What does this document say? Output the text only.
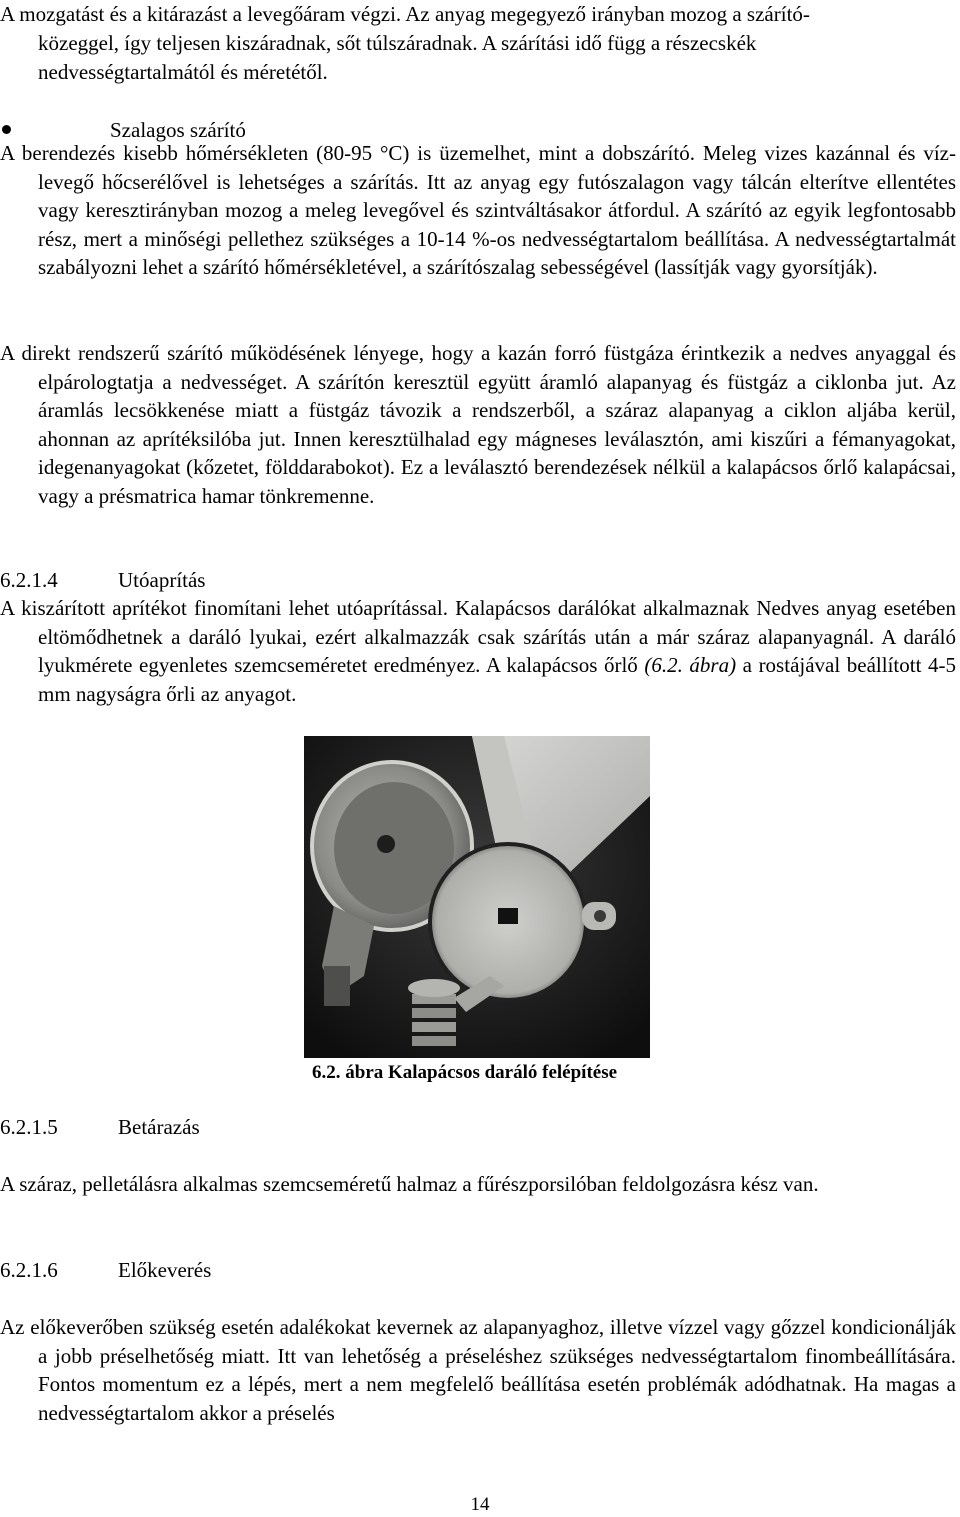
A mozgatást és a kitárazást a levegőáram végzi. Az anyag megegyező irányban mozog a szárító-
közeggel, így teljesen kiszáradnak, sőt túlszáradnak. A szárítási idő függ a részecskék
nedvességtartalmától és méretétől.
Szalagos szárító

A berendezés kisebb hőmérsékleten (80-95 °C) is üzemelhet, mint a dobszárító. Meleg vizes kazánnal és víz-levegő hőcserélővel is lehetséges a szárítás. Itt az anyag egy futószalagon vagy tálcán elterítve ellentétes vagy keresztirányban mozog a meleg levegővel és szintváltásakor átfordul. A szárító az egyik legfontosabb rész, mert a minőségi pellethez szükséges a 10-14 %-os nedvességtartalom beállítása. A nedvességtartalmát szabályozni lehet a szárító hőmérsékletével, a szárítószalag sebességével (lassítják vagy gyorsítják).

A direkt rendszerű szárító működésének lényege, hogy a kazán forró füstgáza érintkezik a nedves anyaggal és elpárologtatja a nedvességet. A szárítón keresztül együtt áramló alapanyag és füstgáz a ciklonba jut. Az áramlás lecsökkenése miatt a füstgáz távozik a rendszerből, a száraz alapanyag a ciklon aljába kerül, ahonnan az aprítéksilóba jut. Innen keresztülhalad egy mágneses leválasztón, ami kiszűri a fémanyagokat, idegenanyagokat (kőzetet, földdarabokot). Ez a leválasztó berendezések nélkül a kalapácsos őrlő kalapácsai, vagy a présmatrica hamar tönkremenne.

6.2.1.4	Utóaprítás

A kiszárított aprítékot finomítani lehet utóaprítással. Kalapácsos darálókat alkalmaznak Nedves anyag esetében eltömődhetnek a daráló lyukai, ezért alkalmazzák csak szárítás után a már száraz alapanyagnál. A daráló lyukmérete egyenletes szemcseméretet eredményez. A kalapácsos őrlő (6.2. ábra) a rostájával beállított 4-5 mm nagyságra őrli az anyagot.

6.2. ábra Kalapácsos daráló felépítése
6.2.1.5	Betárazás

A száraz, pelletálásra alkalmas szemcseméretű halmaz a fűrészporsilóban feldolgozásra kész van.

6.2.1.6	Előkeverés

Az előkeverőben szükség esetén adalékokat kevernek az alapanyaghoz, illetve vízzel vagy gőzzel kondicionálják a jobb préselhetőség miatt. Itt van lehetőség a préseléshez szükséges nedvességtartalom finombeállítására. Fontos momentum ez a lépés, mert a nem megfelelő beállítása esetén problémák adódhatnak. Ha magas a nedvességtartalom akkor a préselés

14
